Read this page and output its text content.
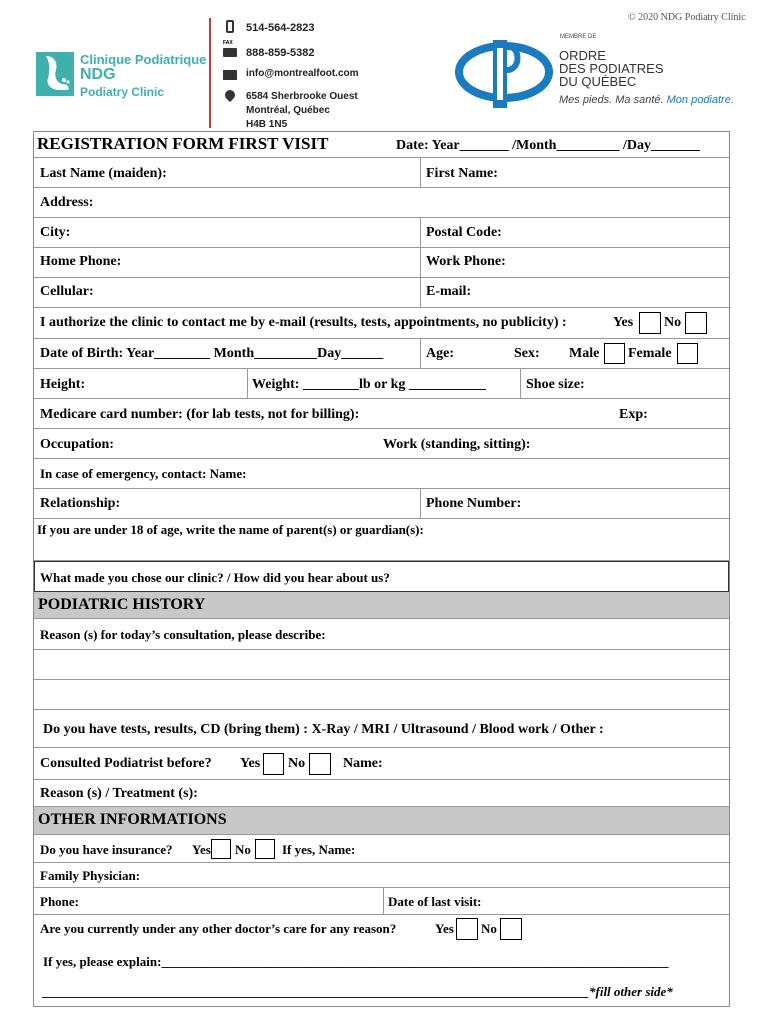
© 2020 NDG Podiatry Clinic
Clinique Podiatrique
NDG
Podiatry Clinic
514-564-2823
FAX
888-859-5382
info@montrealfoot.com
6584 Sherbrooke Ouest
Montréal, Québec
H4B 1N5
MEMBRE DE
ORDRE
DES PODIATRES
DU QUÉBEC
Mes pieds. Ma santé. Mon podiatre.
REGISTRATION FORM FIRST VISIT	Date: Year_______ /Month_________ /Day_______
Last Name (maiden):	First Name:
Address:
City:	Postal Code:
Home Phone:	Work Phone:
Cellular:	E-mail:
I authorize the clinic to contact me by e-mail (results, tests, appointments, no publicity) :	Yes No
Date of Birth: Year________ Month_________Day______	Age:	Sex: Male Female
Height:	Weight: ________lb or kg ___________	Shoe size:
Medicare card number: (for lab tests, not for billing):	Exp:
Occupation:	Work (standing, sitting):
In case of emergency, contact: Name:
Relationship:	Phone Number:
If you are under 18 of age, write the name of parent(s) or guardian(s):
What made you chose our clinic? / How did you hear about us?
PODIATRIC HISTORY
Reason (s) for today’s consultation, please describe:
Do you have tests, results, CD (bring them) : X-Ray / MRI / Ultrasound / Blood work / Other :
Consulted Podiatrist before? Yes No	Name:
Reason (s) / Treatment (s):
OTHER INFORMATIONS
Do you have insurance? Yes No If yes, Name:
Family Physician:
Phone:	Date of last visit:
Are you currently under any other doctor’s care for any reason?	Yes No
If yes, please explain:______________________________________________________________________________
____________________________________________________________________________________*fill other side*
